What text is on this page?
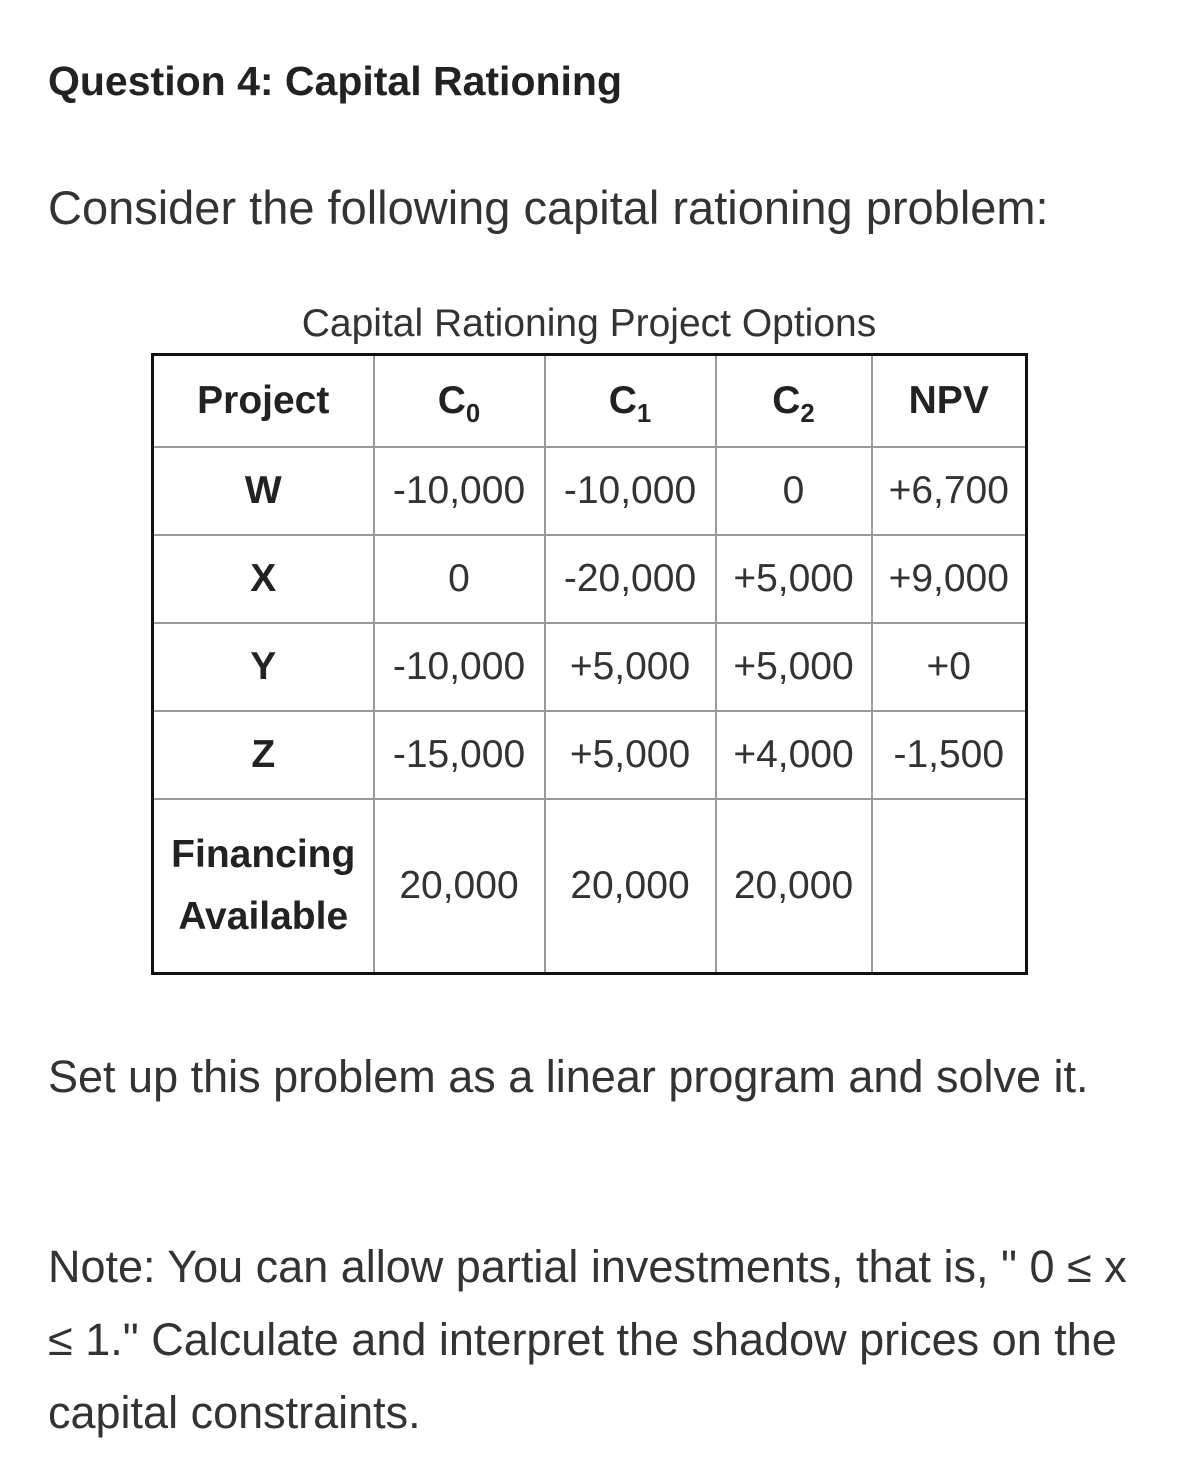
Question 4: Capital Rationing

Consider the following capital rationing problem:

Capital Rationing Project Options
Project	$C_0$	$C_1$	$C_2$	NPV
W	-10,000	-10,000	0	+6,700
X	0	-20,000	+5,000	+9,000
Y	-10,000	+5,000	+5,000	+0
Z	-15,000	+5,000	+4,000	-1,500
Financing
Available	20,000	20,000	20,000	

Set up this problem as a linear program and solve it.

Note: You can allow partial investments, that is, " 0 ≤ x ≤ 1." Calculate and interpret the shadow prices on the capital constraints.
